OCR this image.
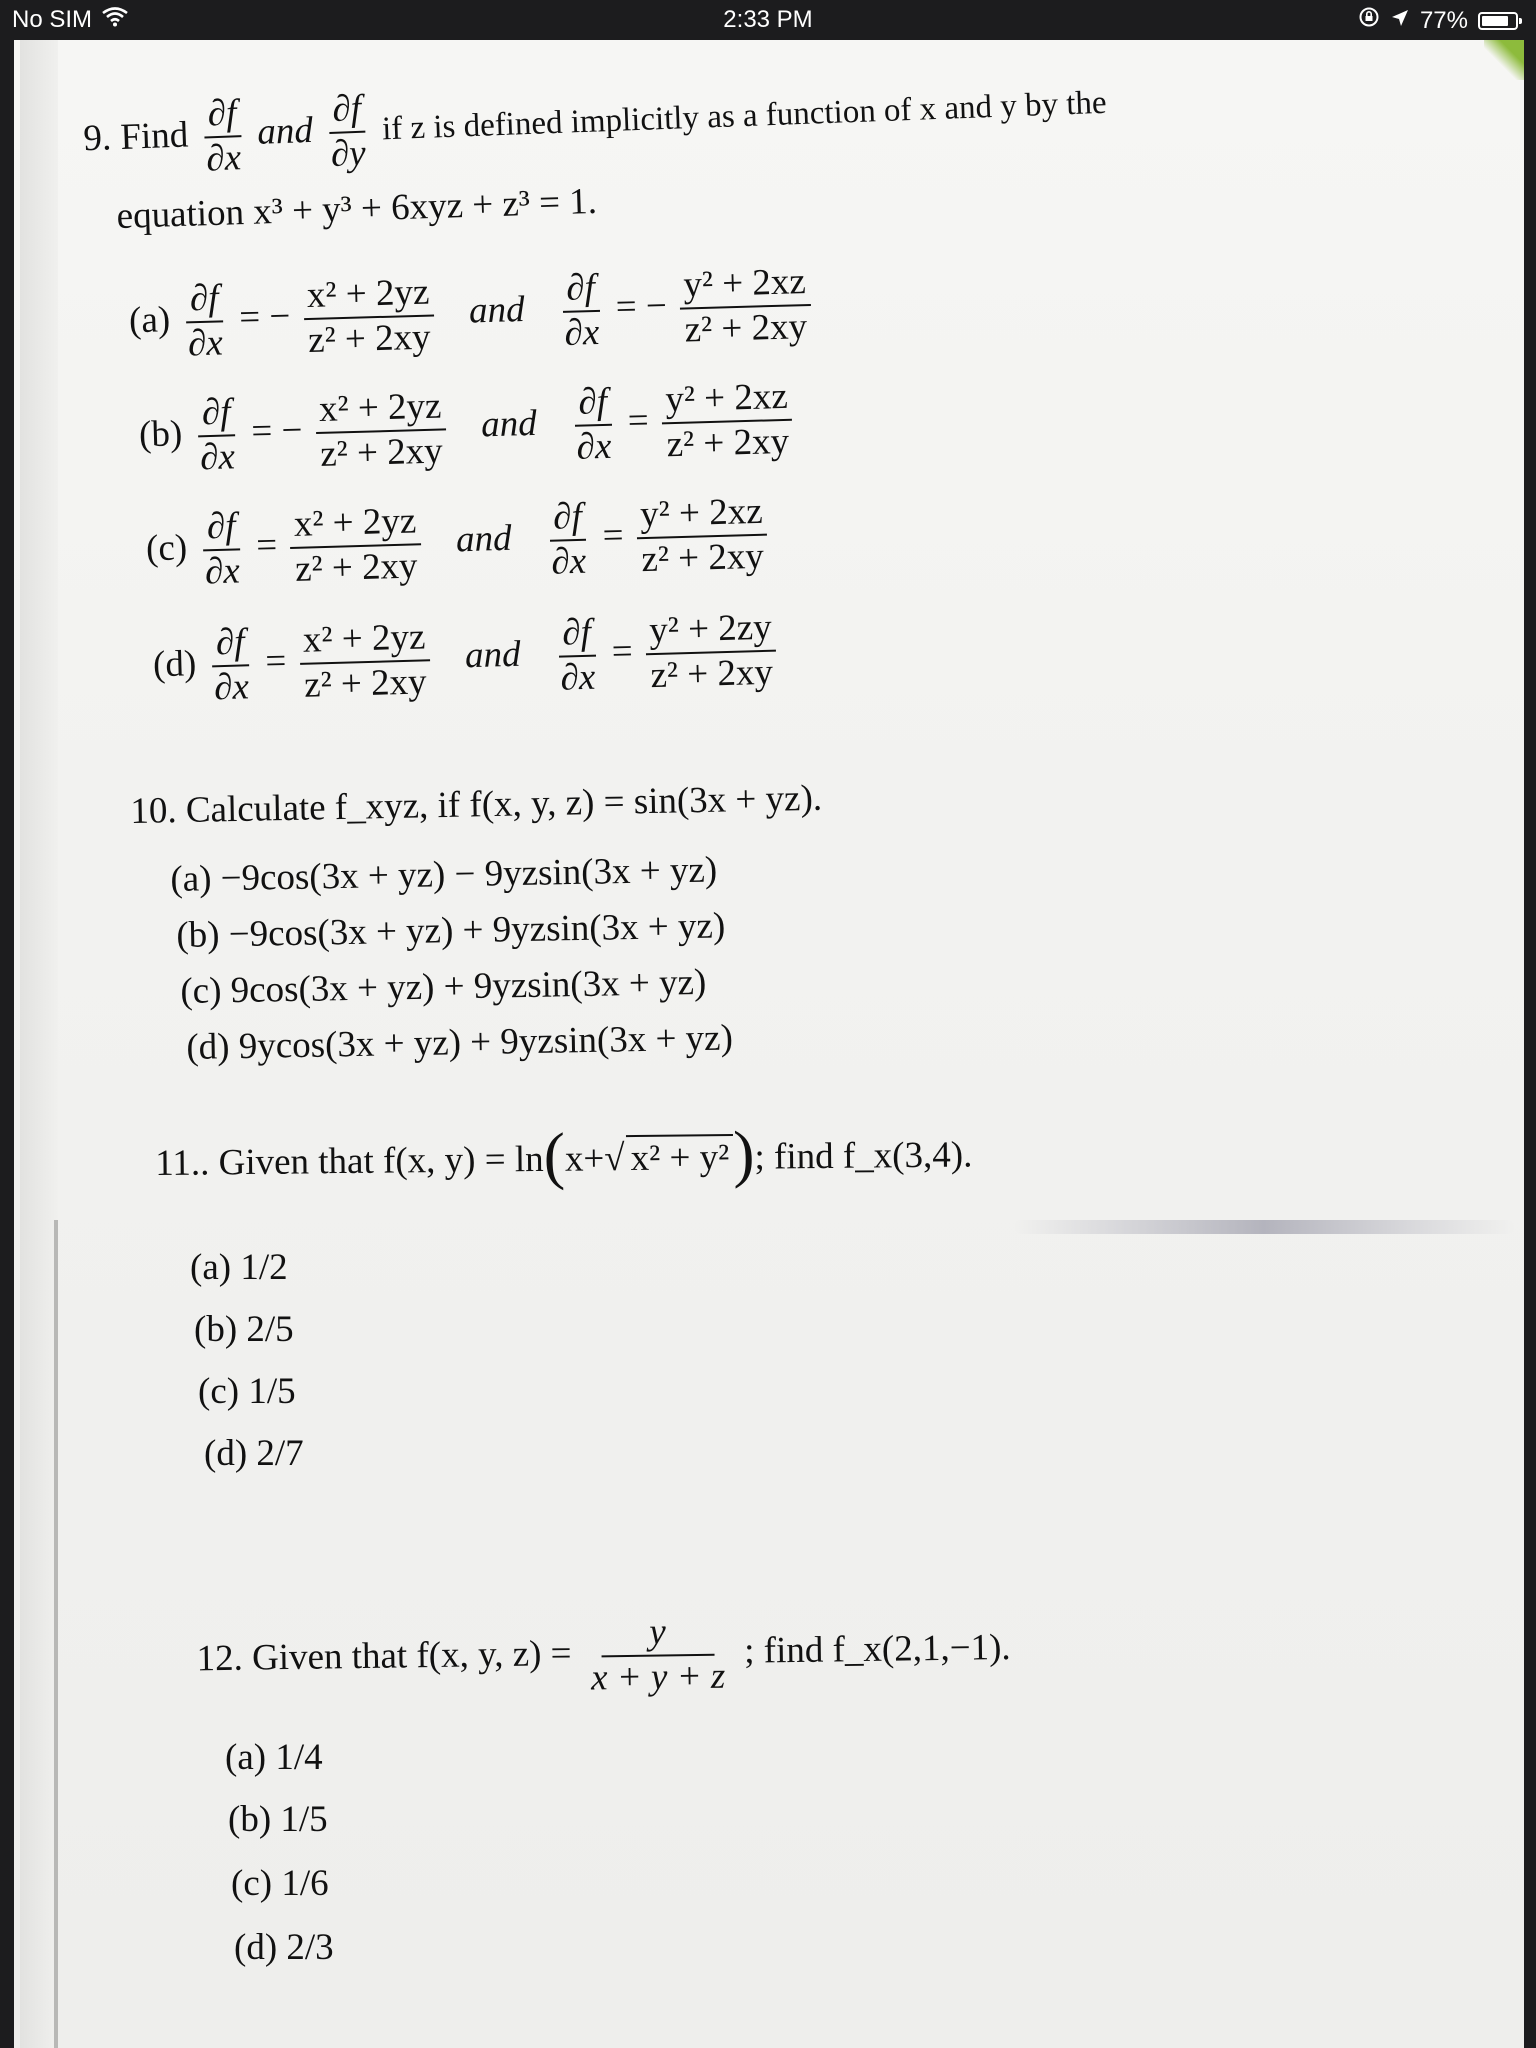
No SIM	2:33 PM	77%
9. Find $\frac{\partial f}{\partial x}$ and $\frac{\partial f}{\partial y}$ if z is defined implicitly as a function of x and y by the
equation x³ + y³ + 6xyz + z³ = 1.
$(a) \frac{\partial f}{\partial x}$ = − $\frac{\text{x² + 2yz}}{\text{z² + 2xy}}$ and $\frac{\partial f}{\partial x}$ = − $\frac{\text{y² + 2xz}}{\text{z² + 2xy}}$
$(b) \frac{\partial f}{\partial x}$ = − $\frac{\text{x² + 2yz}}{\text{z² + 2xy}}$ and $\frac{\partial f}{\partial x} = \frac{\text{y² + 2xz}}{\text{z² + 2xy}}$
$(c) \frac{\partial f}{\partial x} = \frac{\text{x² + 2yz}}{\text{z² + 2xy}}$ and $\frac{\partial f}{\partial x} = \frac{\text{y² + 2xz}}{\text{z² + 2xy}}$
$(d) \frac{\partial f}{\partial x} = \frac{\text{x² + 2yz}}{\text{z² + 2xy}}$ and $\frac{\partial f}{\partial x} = \frac{\text{y² + 2zy}}{\text{z² + 2xy}}$
10. Calculate f_xyz, if f(x, y, z) = sin(3x + yz).
(a) −9cos(3x + yz) − 9yzsin(3x + yz)
(b) −9cos(3x + yz) + 9yzsin(3x + yz)
(c) 9cos(3x + yz) + 9yzsin(3x + yz)
(d) 9ycos(3x + yz) + 9yzsin(3x + yz)
11.. Given that f(x, y) = ln(x+√ x² + y²); find f_x(3,4).
(a) 1/2
(b) 2/5
(c) 1/5
(d) 2/7
12. Given that f(x, y, $z) = \frac{y}{x + y + z}$ ; find f_x(2,1,−1).
(a) 1/4
(b) 1/5
(c) 1/6
(d) 2/3
